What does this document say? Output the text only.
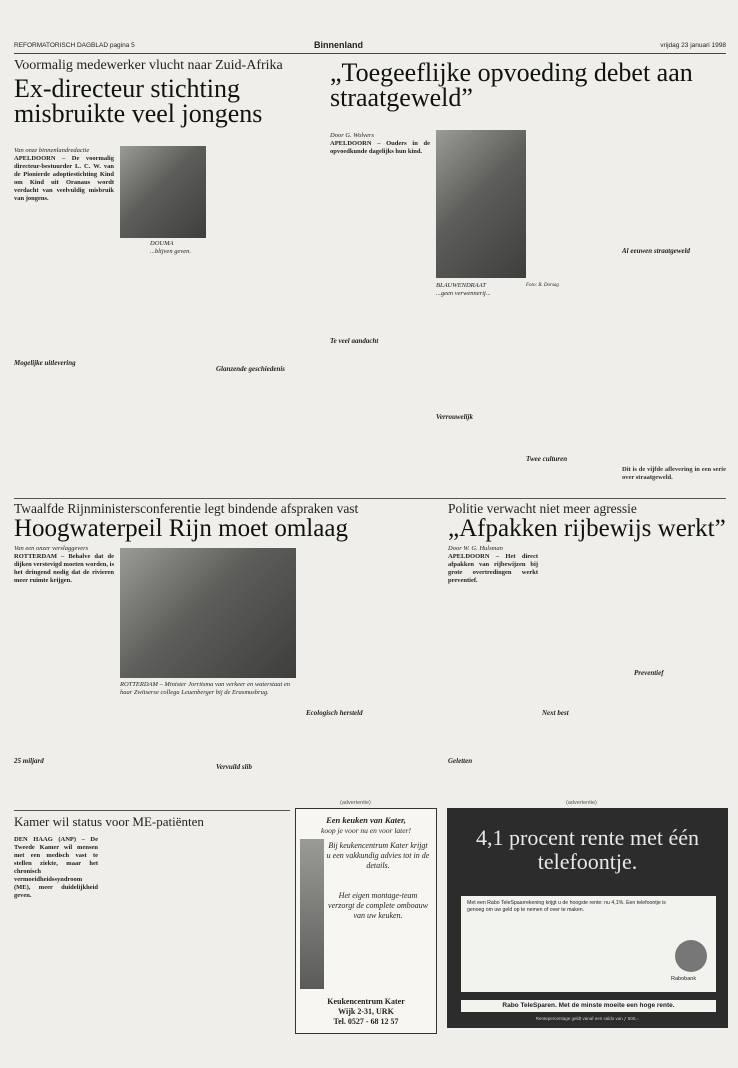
REFORMATORISCH DAGBLAD pagina 5	Binnenland	vrijdag 23 januari 1998
Voormalig medewerker vlucht naar Zuid-Afrika
Ex-directeur stichting misbruikte veel jongens
Van onze binnenlandredactie
APELDOORN – De voormalig directeur-bestuurder L. C. W. van de Pionierde adoptiestichting Kind om Kind uit Oranaus wordt verdacht van veelvuldig misbruik van jongens.
DOUMA
...blijven geven.
Mogelijke uitlevering
Glanzende geschiedenis
„Toegeeflijke opvoeding debet aan straatgeweld”
Door G. Wolvers
APELDOORN – Ouders in de opvoedkunde dagelijks hun kind.
BLAUWENDRAAT
...geen verwennerij...
Foto: R. Dorsag
Te veel aandacht
Verrouwelijk
Twee culturen
Al eeuwen straatgeweld
Dit is de vijfde aflevering in een serie over straatgeweld.
Twaalfde Rijnministersconferentie legt bindende afspraken vast
Hoogwaterpeil Rijn moet omlaag
Van een onzer verslaggevers
ROTTERDAM – Behalve dat de dijken verstevigd moeten worden, is het dringend nodig dat de rivieren meer ruimte krijgen.
ROTTERDAM – Minister Jorritsma van verkeer en waterstaat en haar Zwitserse collega Leuenberger bij de Erasmusbrug.
25 miljard
Vervuild slib
Ecologisch hersteld
Politie verwacht niet meer agressie
„Afpakken rijbewijs werkt”
Door W. G. Hulsman
APELDOORN – Het direct afpakken van rijbewijzen bij grote overtredingen werkt preventief.
Geletten
Next best
Preventief
(advertentie)	(advertentie)
Kamer wil status voor ME-patiënten
DEN HAAG (ANP) – De Tweede Kamer wil mensen met een medisch vast te stellen ziekte, maar het chronisch vermoeidheidssyndroom (ME), meer duidelijkheid geven.
Een keuken van Kater,
koop je voor nu en voor later!
Bij keukencentrum Kater krijgt u een vakkundig advies tot in de details.
Het eigen montage-team verzorgt de complete omboauw van uw keuken.
Keukencentrum Kater
Wijk 2-31, URK
Tel. 0527 - 68 12 57
4,1 procent rente met één telefoontje.
Met een Rabo TeleSpaarrekening krijgt u de hoogste rente: nu 4,1%. Een telefoontje is genoeg om uw geld op te nemen of over te maken.
Rabobank
Rabo TeleSparen. Met de minste moeite een hoge rente.
Rentepercentage geldt vanaf een saldo van ƒ 500,-.
